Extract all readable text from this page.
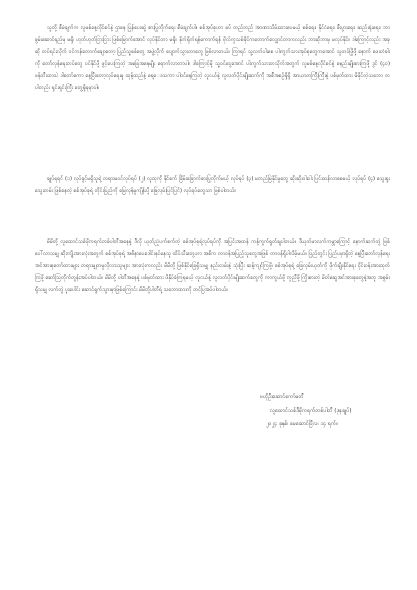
သူတို့ စီမံချက်က လူမစ်နေ့လိုင်စင်နဲ့ ဌာနေ ပြန်ပေးဆွဲ စားပြုတိုက်ရေး စီမံချက်ပါ။ စစ်အုပ်စုဟာ ခပ် တည်တည် အာဏာသိမ်းထားပေမယ့် စစ်ရေး၊ နိုင်ငံရေး၊ စီးပွားရေး၊ ဆည်းရုံးရေး၊ ဘာ စွမ်းဆောင်ရည်မှ မရှိ၊ ဟုတ်ဟုတ်ငြားငြား ဖြစ်မြောက်အောင် လုပ်နိုင်တာ မရှိ။ နိုက်ရိုက်ရန်ကောက်ရန် ဗိုလ်ကူသစ်ခိုင်ကတောက်လျှောင်တာကလည်း ဘာဆိုဘာမှ မလုပ်နိုင်။ ဒါကြောင့်လည်း အခုဆို တပ်ရင်းလိုက် ဝင်ကန်တောက်ချောတော့ ပြည်သူ့စစ်တွေ အဖွဲ့လိုက် ပျောက်သွားတာတွေ ဖြစ်လာတယ်။ ကြာရင် သူ့လက်ပါးစေ ပါးကွက်သားအုပ်စုတွေကအောင် သူတပ်ဖြိုဖို့ နောက် ဖေးတံခါးကို တော်လှန်ရေးတပ်တွေ ဝင်နိုင်ဖို့ ဖွင့်ပေးကြတဲ့ အခြေအနေမျိုး ရောက်လာတာပါ။ ဒါကြောင့်မို့ သူ့ဝင်ငွေအောင် ပါးကွက်သားတသိုက်အတွက် လူမစ်နေ့လိုင်စင်နဲ့ စနည်းမျိုးစားကြဖို့ ဒွင် (၄၀) ဖန်တီးထားပဲ ဒါတော်ကော နေ့ပြီးတော့လုပ်ရေးမှု ထုန့်ထည်နဲ့ ရေ့ေဒသကာ ပါဝင်နေကြတဲ့ လူငယ်နဲ့ လူလတ်ပိုင်းမျိုးဆက်ကို အစီအစဉ်ရှိရှိ အာယာတကြီးကြီးနဲ့ ပစ်မှတ်ထား မိမိုင်တဲ့သဘော တပါတည်း ရှင်းရှင်းကြီး တွေ့ရှိရမှာပါ။

ချုပ်ရရင် (၁) လုပ်ခွင့်မရှိသူရဲ့ တရားမဝင်လုပ်ရပ် (၂) လူထုကို နိုင်စက် ခြိမ်းခြောက်စားပြုတိုက်မယ့် လုပ်ရပ် (၃) မတည်မြဲနိုင်မှုတွေ ဆိုးဆိုးဝါးဝါး ပြင်းထန်လာစေမယ့် လုပ်ရပ် (၄) သွေးရူးသွေးတမ်း ဖြစ်နေတဲ့ စစ်အုပ်စုရဲ့ တိုင်းပြည်ကို မြေလှန်မှုကျိန်းပို့ ခြေလှမ်းပြင်ပြင်) လုပ်ရပ်တွေသာ ဖြစ်ပါတယ်။

မိမိတို့ လူထောင်သစ်ဖိုကရက်တစ်ပါတီအနေနဲ့ ဒီလို ယုတ်ညံ့ပက်စက်တဲ့ စစ်အုပ်စုရဲ့လုပ်ရပ်ကို အပြင်းအထန် ကန့်ကွက်ရှုတ်ချပါတယ်။ ဒီယုတ်မာလက်ကမ္ဘာကြောင့် နောက်ဆက်တွဲ ဖြစ်ပေါ်လာသမျှ ဆိုးကျိုးအားလုံးအတွက် စစ်အုပ်စုရဲ့ အဓိနာပေဒေါင်းနင်နေသူ ထိပ်သီးတွေဟာ အစိက တာဝန်အပြည့်သူတွေအဖြစ် တာဝန်ရှိပါလိမ့်မယ်။ ပြည်တွင်း ပြည်ပမှာရှိတဲ့ နေ့ပြီးတော်လှန်ရေးအင်အားစုတော်ထားများ တရားမျှတမှုလိုလားသူများ အားလုံးကလည်း မိမိတို့ ဖြစ်နိုင်ခြေရှိသမျှ နည်းလမ်းနဲ့ သုံးပြီး ဆန့်ကျင်ကြဖို့၊ စစ်အုပ်စုရဲ့ ခြေလှမ်းယုတ်ကို ဖိုက်ချိုးနိုင်ရေး ဝိုင်းဝန်းအားထုတ်ကြဖို့ ဆော်ဩတိုက်တွန်းအပ်ပါတယ်။ မိမိတို့ ပါတီအနေနဲ့ ပစ်မှတ်ထား ဖိနှိပ်ခံကြရမယ့် လူငယ်နဲ့ လူလတ်ပိုင်းမျိုးဆက်တွေကို ကာကွယ်ဖို့ ကူညီဖို့ ကြိုးစားတဲ့ မိတ်ဆွေအင်အားစုတွေနဲ့အတူ အစွမ်းရှိသမျှ လက်တွဲ ပူးပေါင်း ဆောင်ရွက်သွားမှာဖြစ်ကြောင်း မိမိတို့ပါတီရဲ့ သဘောထားကို တင်ပြအပ်ပါတယ်။

ဗဟိုဦးဆောင်ကော်မတီ
လူထောင်သစ်ဒီမိုကရက်တစ်ပါတီ (ဒုနချုပ်)
၂၀၂၄ ခုနှစ်၊ မေဆောင်ပြီလ၊ ၁၄ ရက်။
